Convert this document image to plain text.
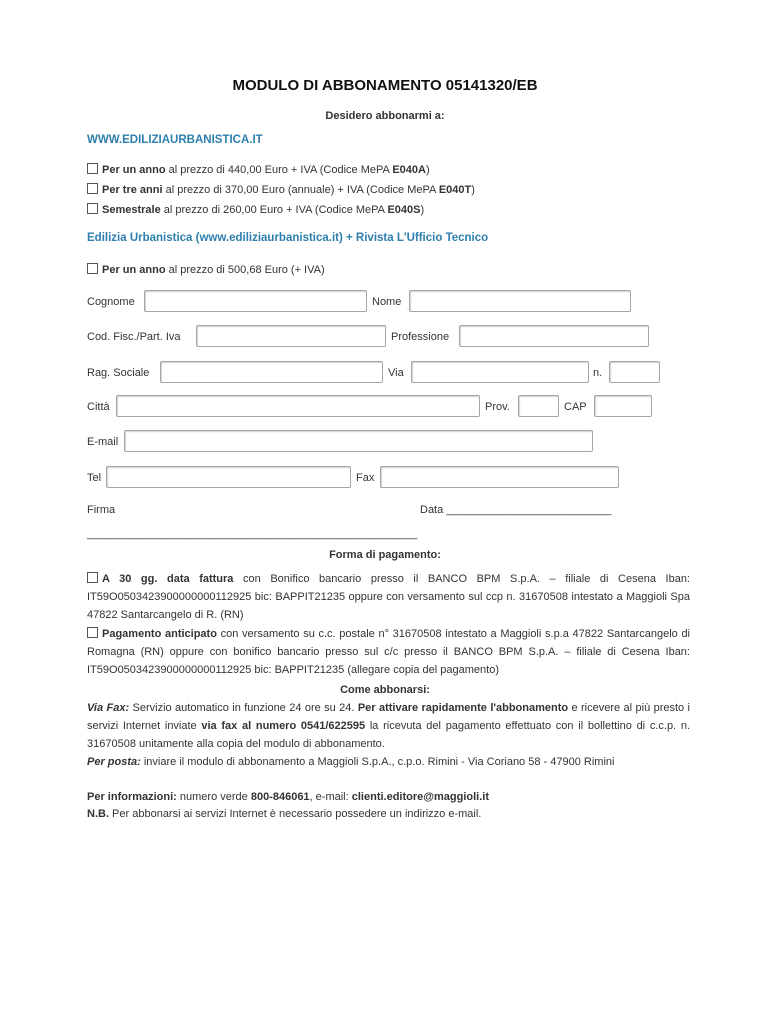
MODULO DI ABBONAMENTO 05141320/EB
Desidero abbonarmi a:
WWW.EDILIZIAURBANISTICA.IT
Per un anno al prezzo di 440,00 Euro + IVA (Codice MePA E040A)
Per tre anni al prezzo di 370,00 Euro (annuale) + IVA (Codice MePA E040T)
Semestrale al prezzo di 260,00 Euro + IVA (Codice MePA E040S)
Edilizia Urbanistica (www.ediliziaurbanistica.it) + Rivista L'Ufficio Tecnico
Per un anno al prezzo di 500,68 Euro (+ IVA)
Cognome	Nome
Cod. Fisc./Part. Iva	Professione
Rag. Sociale	Via	n.
Città	Prov.	CAP
E-mail
Tel	Fax
Firma	Data ___________________________
______________________________________________________
Forma di pagamento:
A 30 gg. data fattura con Bonifico bancario presso il BANCO BPM S.p.A. – filiale di Cesena Iban: IT59O0503423900000000112925 bic: BAPPIT21235 oppure con versamento sul ccp n. 31670508 intestato a Maggioli Spa 47822 Santarcangelo di R. (RN)
Pagamento anticipato con versamento su c.c. postale n° 31670508 intestato a Maggioli s.p.a 47822 Santarcangelo di Romagna (RN) oppure con bonifico bancario presso sul c/c presso il BANCO BPM S.p.A. – filiale di Cesena Iban: IT59O0503423900000000112925 bic: BAPPIT21235 (allegare copia del pagamento)
Come abbonarsi:
Via Fax: Servizio automatico in funzione 24 ore su 24. Per attivare rapidamente l'abbonamento e ricevere al più presto i servizi Internet inviate via fax al numero 0541/622595 la ricevuta del pagamento effettuato con il bollettino di c.c.p. n. 31670508 unitamente alla copia del modulo di abbonamento.
Per posta: inviare il modulo di abbonamento a Maggioli S.p.A., c.p.o. Rimini - Via Coriano 58 - 47900 Rimini
Per informazioni: numero verde 800-846061, e-mail: clienti.editore@maggioli.it
N.B. Per abbonarsi ai servizi Internet è necessario possedere un indirizzo e-mail.
